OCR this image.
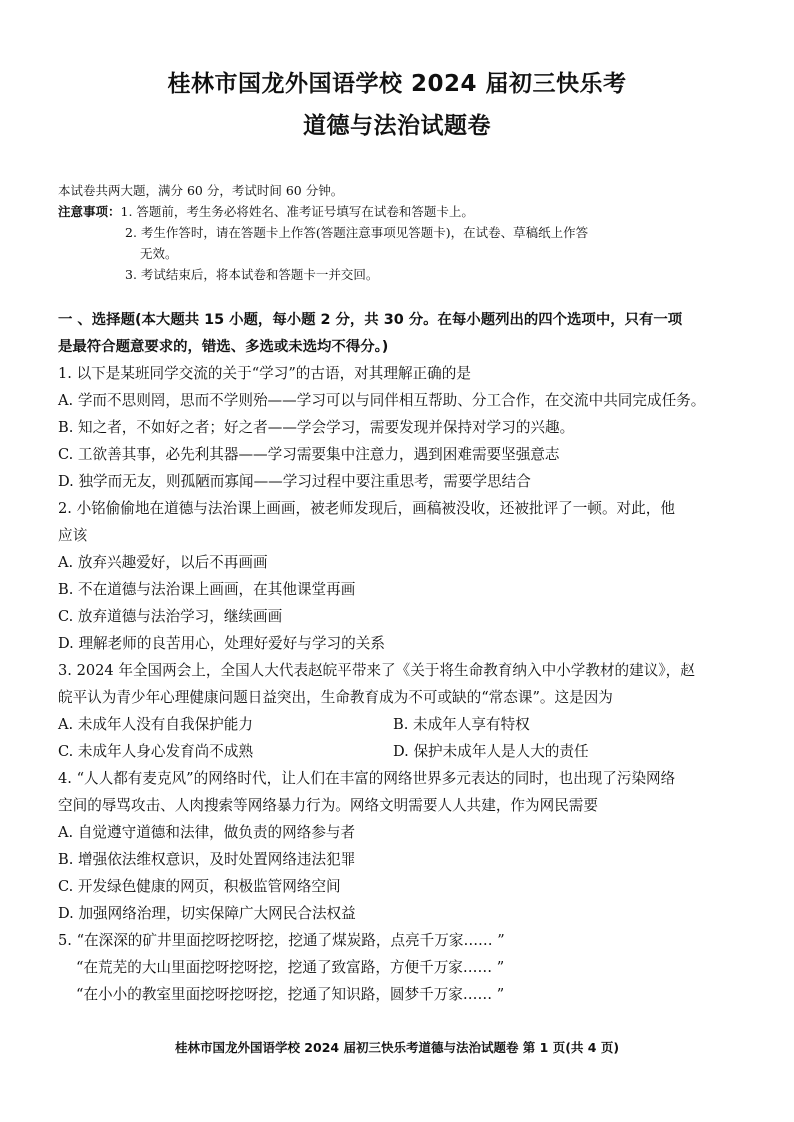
桂林市国龙外国语学校 2024 届初三快乐考
道德与法治试题卷
本试卷共两大题，满分 60 分，考试时间 60 分钟。
注意事项：1. 答题前，考生务必将姓名、准考证号填写在试卷和答题卡上。
2. 考生作答时，请在答题卡上作答(答题注意事项见答题卡)，在试卷、草稿纸上作答
无效。
3. 考试结束后，将本试卷和答题卡一并交回。
一 、选择题(本大题共 15 小题，每小题 2 分，共 30 分。在每小题列出的四个选项中，只有一项
是最符合题意要求的，错选、多选或未选均不得分。)
1. 以下是某班同学交流的关于“学习”的古语，对其理解正确的是
A. 学而不思则罔，思而不学则殆——学习可以与同伴相互帮助、分工合作，在交流中共同完成任务。
B. 知之者，不如好之者；好之者——学会学习，需要发现并保持对学习的兴趣。
C. 工欲善其事，必先利其器——学习需要集中注意力，遇到困难需要坚强意志
D. 独学而无友，则孤陋而寡闻——学习过程中要注重思考，需要学思结合
2. 小铭偷偷地在道德与法治课上画画，被老师发现后，画稿被没收，还被批评了一顿。对此，他
应该
A. 放弃兴趣爱好，以后不再画画
B. 不在道德与法治课上画画，在其他课堂再画
C. 放弃道德与法治学习，继续画画
D. 理解老师的良苦用心，处理好爱好与学习的关系
3. 2024 年全国两会上，全国人大代表赵皖平带来了《关于将生命教育纳入中小学教材的建议》，赵
皖平认为青少年心理健康问题日益突出，生命教育成为不可或缺的“常态课”。这是因为
A. 未成年人没有自我保护能力	B. 未成年人享有特权
C. 未成年人身心发育尚不成熟	D. 保护未成年人是人大的责任
4. “人人都有麦克风”的网络时代，让人们在丰富的网络世界多元表达的同时，也出现了污染网络
空间的辱骂攻击、人肉搜索等网络暴力行为。网络文明需要人人共建，作为网民需要
A. 自觉遵守道德和法律，做负责的网络参与者
B. 增强依法维权意识，及时处置网络违法犯罪
C. 开发绿色健康的网页，积极监管网络空间
D. 加强网络治理，切实保障广大网民合法权益
5. “在深深的矿井里面挖呀挖呀挖，挖通了煤炭路，点亮千万家…… ”
“在荒芜的大山里面挖呀挖呀挖，挖通了致富路，方便千万家…… ”
“在小小的教室里面挖呀挖呀挖，挖通了知识路，圆梦千万家…… ”
桂林市国龙外国语学校 2024 届初三快乐考道德与法治试题卷 第 1 页(共 4 页)
